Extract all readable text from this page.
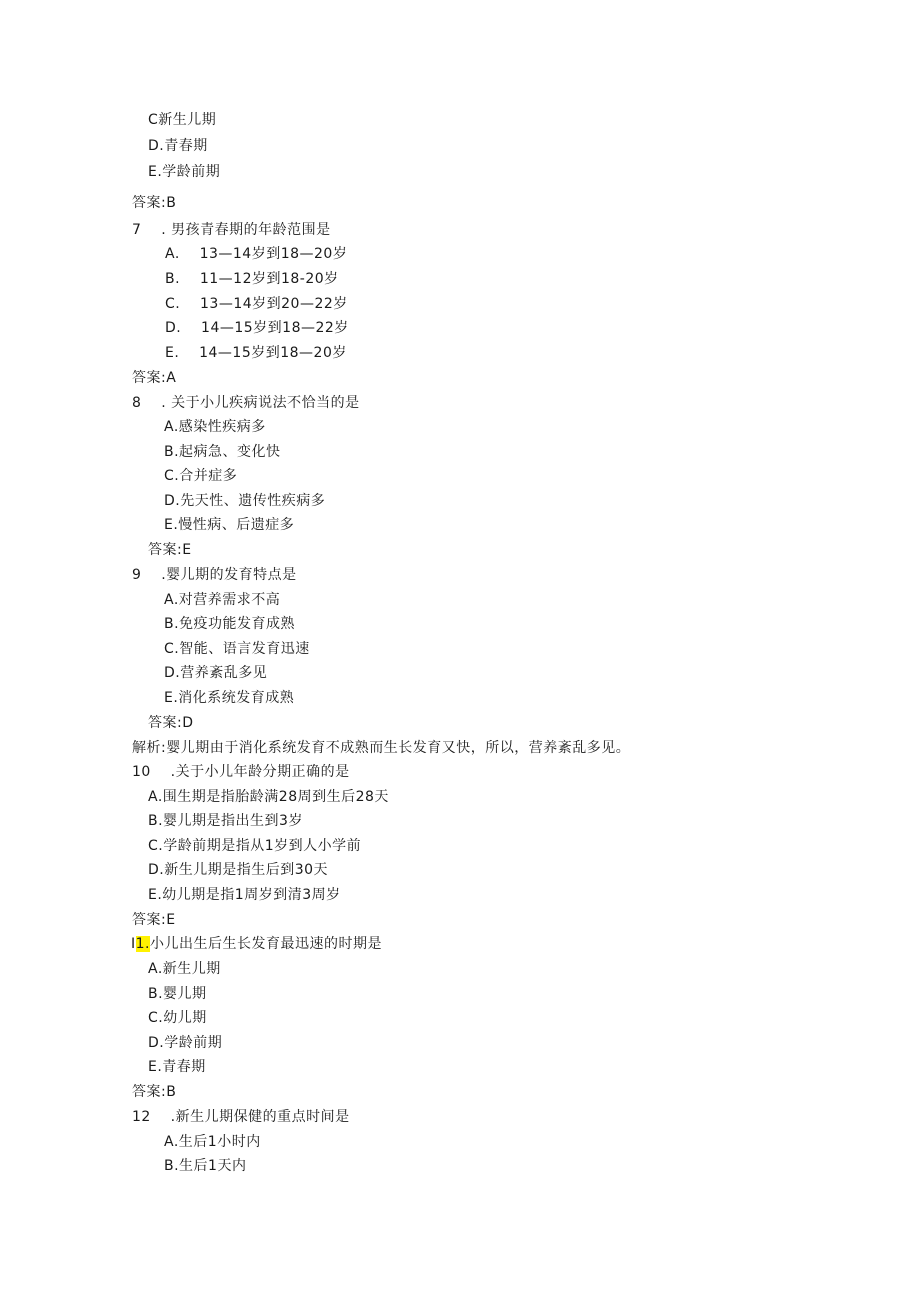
C新生儿期
D.青春期
E.学龄前期
答案:B
7    . 男孩青春期的年龄范围是
A.    13—14岁到18—20岁
B.    11—12岁到18-20岁
C.    13—14岁到20—22岁
D.    14—15岁到18—22岁
E.    14—15岁到18—20岁
答案:A
8    . 关于小儿疾病说法不恰当的是
A.感染性疾病多
B.起病急、变化快
C.合并症多
D.先天性、遗传性疾病多
E.慢性病、后遗症多
答案:E
9    .婴儿期的发育特点是
A.对营养需求不高
B.免疫功能发育成熟
C.智能、语言发育迅速
D.营养紊乱多见
E.消化系统发育成熟
答案:D
解析:婴儿期由于消化系统发育不成熟而生长发育又快，所以，营养紊乱多见。
10    .关于小儿年龄分期正确的是
A.围生期是指胎龄满28周到生后28天
B.婴儿期是指出生到3岁
C.学龄前期是指从1岁到人小学前
D.新生儿期是指生后到30天
E.幼儿期是指1周岁到清3周岁
答案:E
I1.小儿出生后生长发育最迅速的时期是
A.新生儿期
B.婴儿期
C.幼儿期
D.学龄前期
E.青春期
答案:B
12    .新生儿期保健的重点时间是
A.生后1小时内
B.生后1天内
